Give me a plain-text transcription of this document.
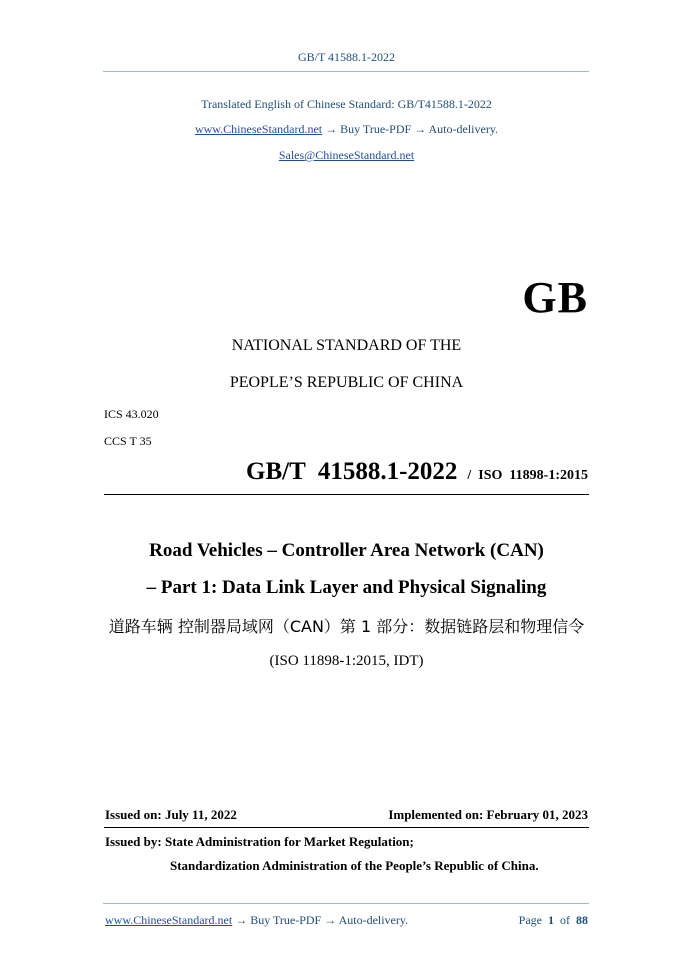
GB/T 41588.1-2022
Translated English of Chinese Standard: GB/T41588.1-2022
www.ChineseStandard.net → Buy True-PDF → Auto-delivery.
Sales@ChineseStandard.net
GB
NATIONAL STANDARD OF THE
PEOPLE’S REPUBLIC OF CHINA
ICS 43.020
CCS T 35
GB/T  41588.1-2022 /  ISO  11898-1:2015
Road Vehicles – Controller Area Network (CAN)
– Part 1: Data Link Layer and Physical Signaling
道路车辆 控制器局域网（CAN）第 1 部分：数据链路层和物理信令
(ISO 11898-1:2015, IDT)
Issued on: July 11, 2022	Implemented on: February 01, 2023
Issued by: State Administration for Market Regulation;
Standardization Administration of the People’s Republic of China.
www.ChineseStandard.net → Buy True-PDF → Auto-delivery.	Page 1 of 88
